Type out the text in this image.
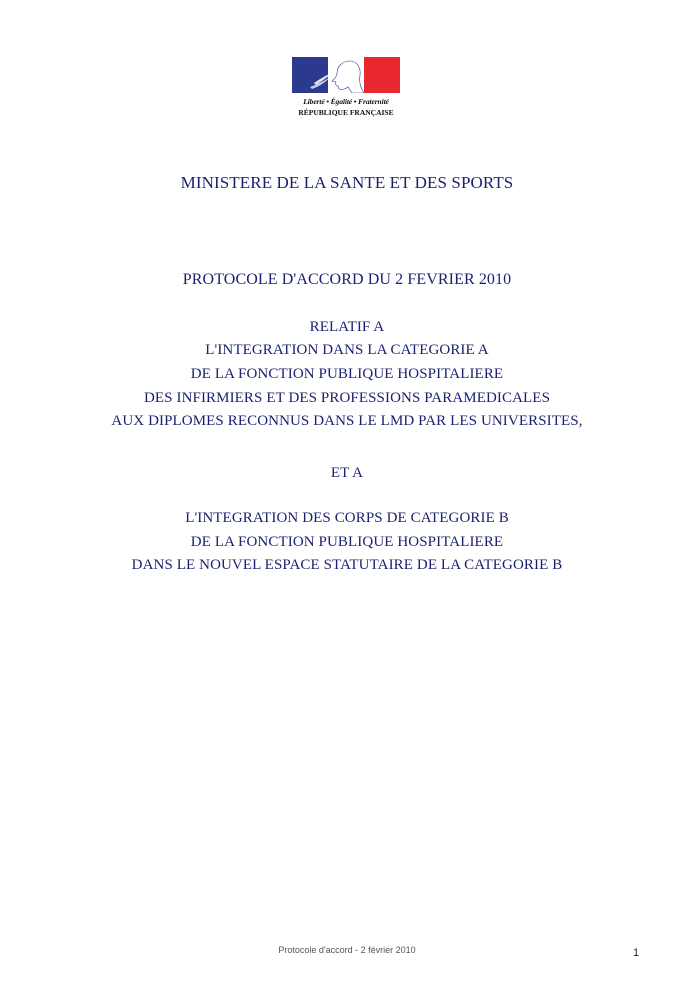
Liberté • Égalité • Fraternité
RÉPUBLIQUE FRANÇAISE
MINISTERE DE LA SANTE ET DES SPORTS
PROTOCOLE D'ACCORD DU 2 FEVRIER 2010
RELATIF A
L'INTEGRATION DANS LA CATEGORIE A
DE LA FONCTION PUBLIQUE HOSPITALIERE
DES INFIRMIERS ET DES PROFESSIONS PARAMEDICALES
AUX DIPLOMES RECONNUS DANS LE LMD PAR LES UNIVERSITES,
ET A
L'INTEGRATION DES CORPS DE CATEGORIE B
DE LA FONCTION PUBLIQUE HOSPITALIERE
DANS LE NOUVEL ESPACE STATUTAIRE DE LA CATEGORIE B
Protocole d'accord - 2 février 2010	1
